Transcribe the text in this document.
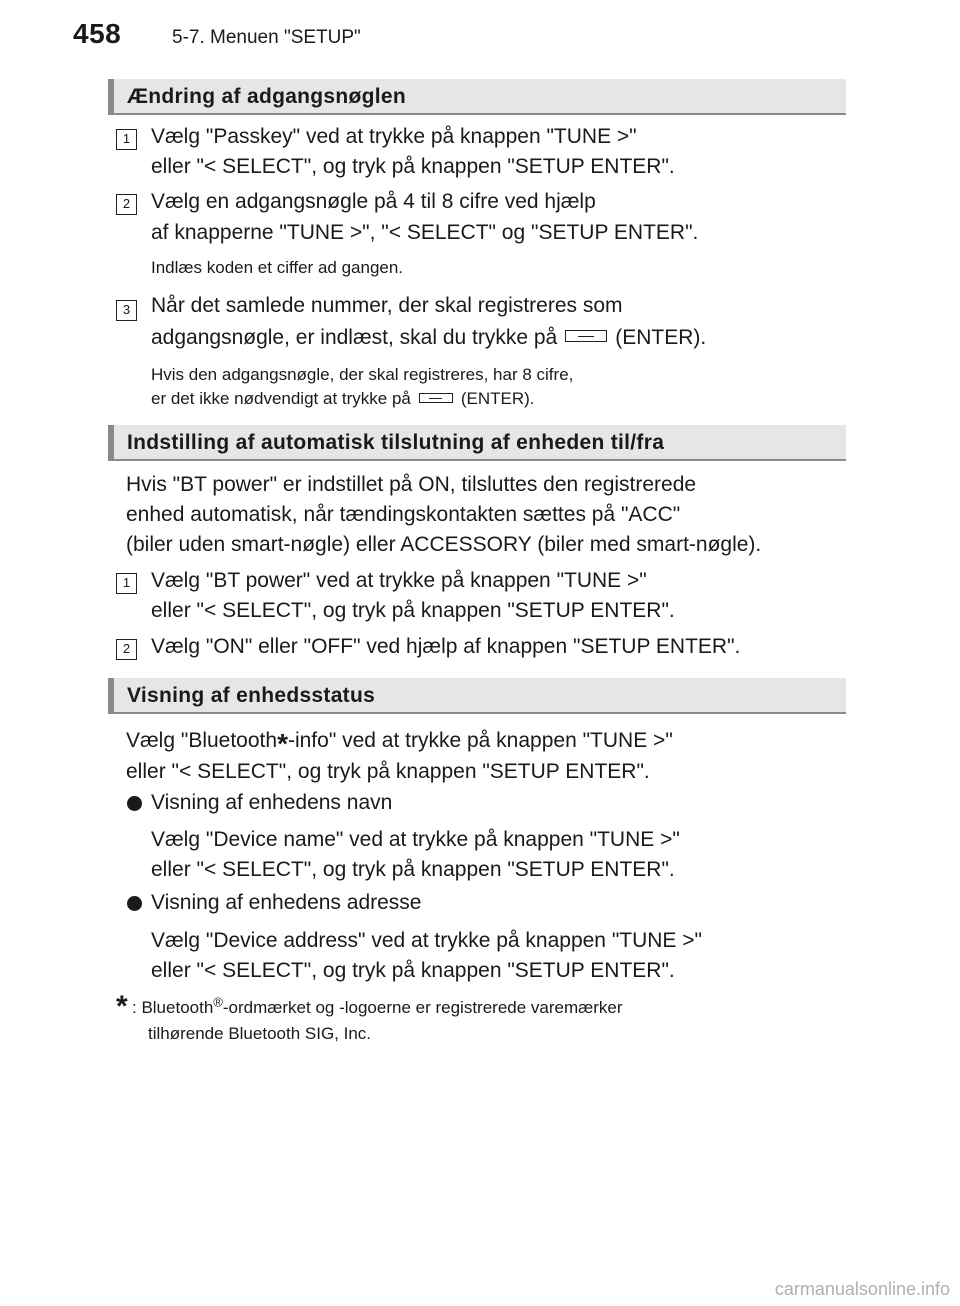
458	5-7. Menuen "SETUP"
Ændring af adgangsnøglen
1 Vælg "Passkey" ved at trykke på knappen "TUNE >"
eller "< SELECT", og tryk på knappen "SETUP ENTER".
2 Vælg en adgangsnøgle på 4 til 8 cifre ved hjælp
af knapperne "TUNE >", "< SELECT" og "SETUP ENTER".
Indlæs koden et ciffer ad gangen.
3 Når det samlede nummer, der skal registreres som
adgangsnøgle, er indlæst, skal du trykke på	(ENTER).
Hvis den adgangsnøgle, der skal registreres, har 8 cifre,
er det ikke nødvendigt at trykke på	(ENTER).
Indstilling af automatisk tilslutning af enheden til/fra
Hvis "BT power" er indstillet på ON, tilsluttes den registrerede
enhed automatisk, når tændingskontakten sættes på "ACC"
(biler uden smart-nøgle) eller ACCESSORY (biler med smart-nøgle).
1 Vælg "BT power" ved at trykke på knappen "TUNE >"
eller "< SELECT", og tryk på knappen "SETUP ENTER".
2 Vælg "ON" eller "OFF" ved hjælp af knappen "SETUP ENTER".
Visning af enhedsstatus
Vælg "Bluetooth*-info" ved at trykke på knappen "TUNE >"
eller "< SELECT", og tryk på knappen "SETUP ENTER".
Visning af enhedens navn
Vælg "Device name" ved at trykke på knappen "TUNE >"
eller "< SELECT", og tryk på knappen "SETUP ENTER".
Visning af enhedens adresse
Vælg "Device address" ved at trykke på knappen "TUNE >"
eller "< SELECT", og tryk på knappen "SETUP ENTER".
* : Bluetooth®-ordmærket og -logoerne er registrerede varemærker
tilhørende Bluetooth SIG, Inc.
carmanualsonline.info
